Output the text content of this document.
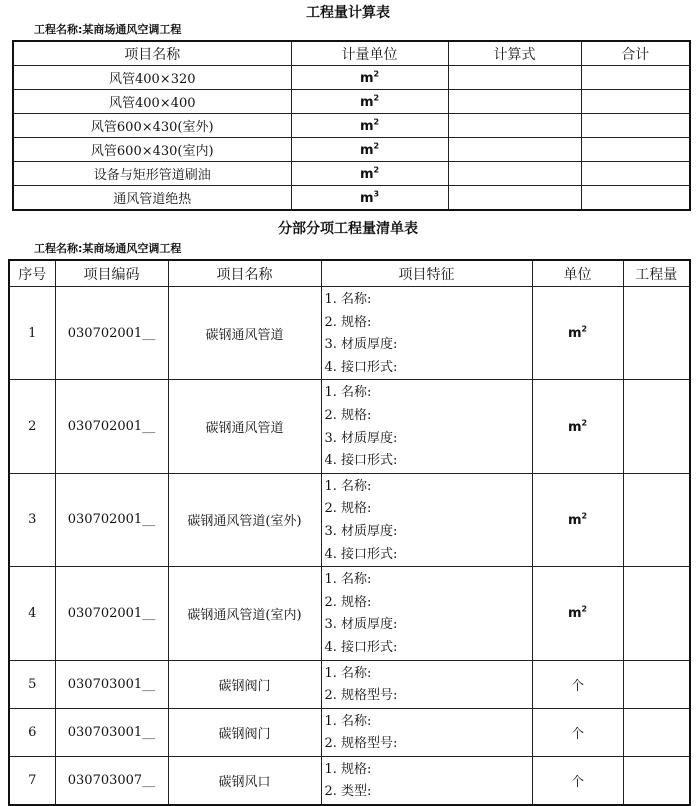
工程量计算表
工程名称:某商场通风空调工程
项目名称	计量单位	计算式	合计
风管400×320	$m^2$		
风管400×400	$m^2$		
风管600×430(室外)	$m^2$		
风管600×430(室内)	$m^2$		
设备与矩形管道刷油	$m^2$		
通风管道绝热	$m^3$		
分部分项工程量清单表
工程名称:某商场通风空调工程
序号	项目编码	项目名称	项目特征	单位	工程量
1	030702001__	碳钢通风管道	1. 名称:
2. 规格:
3. 材质厚度:
4. 接口形式:	$m^2$	
2	030702001__	碳钢通风管道	1. 名称:
2. 规格:
3. 材质厚度:
4. 接口形式:	$m^2$	
3	030702001__	碳钢通风管道(室外)	1. 名称:
2. 规格:
3. 材质厚度:
4. 接口形式:	$m^2$	
4	030702001__	碳钢通风管道(室内)	1. 名称:
2. 规格:
3. 材质厚度:
4. 接口形式:	$m^2$	
5	030703001__	碳钢阀门	1. 名称:
2. 规格型号:	个	
6	030703001__	碳钢阀门	1. 名称:
2. 规格型号:	个	
7	030703007__	碳钢风口	1. 规格:
2. 类型:	个	
